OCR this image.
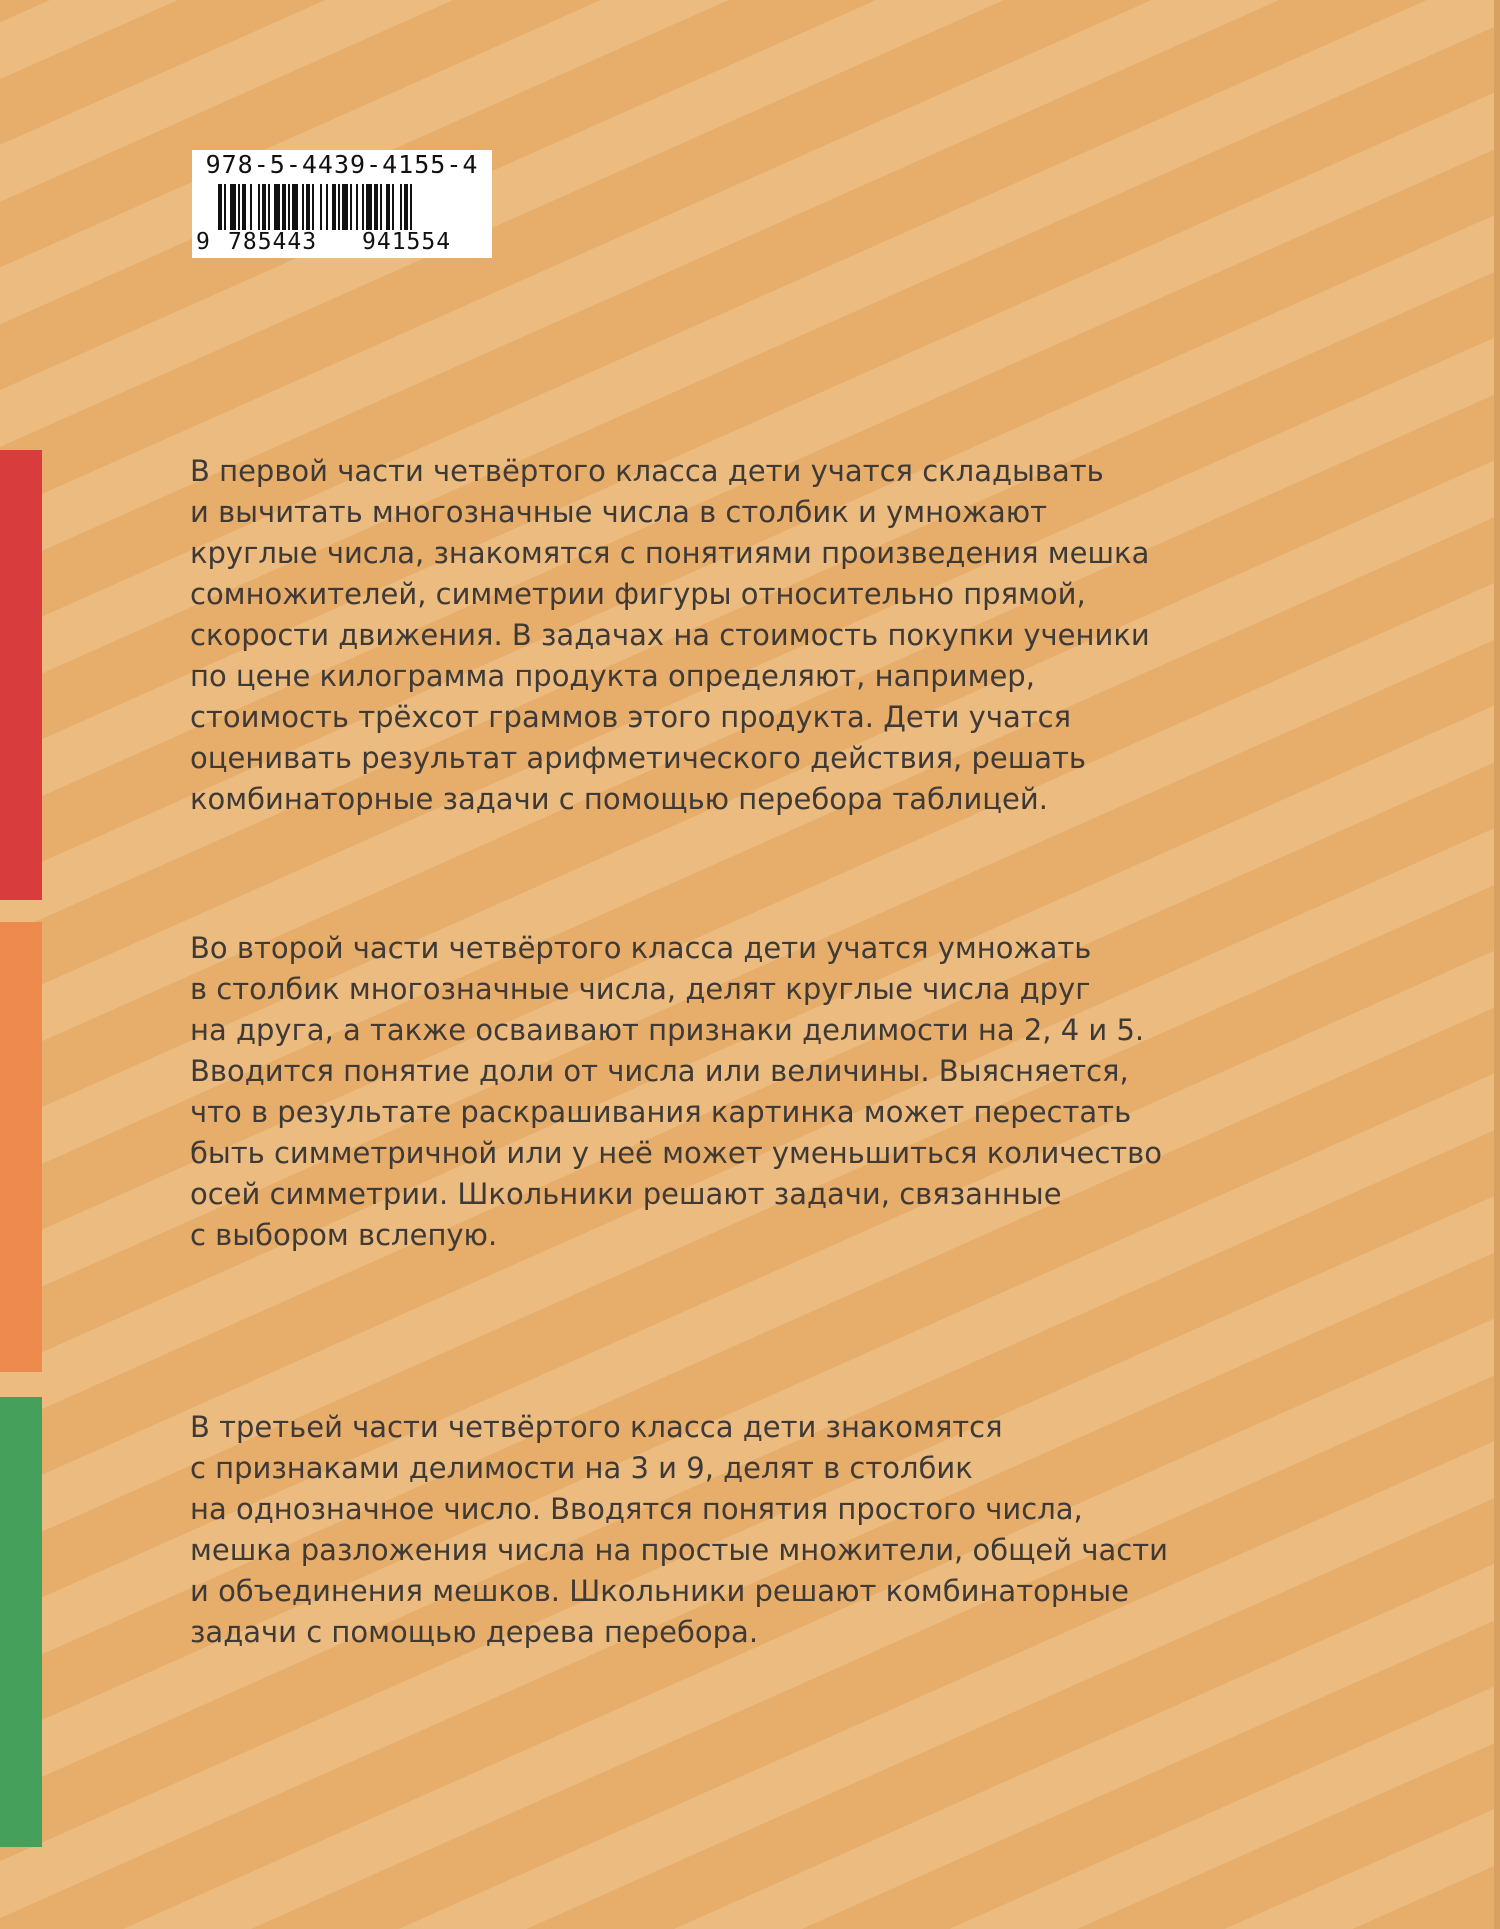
978-5-4439-4155-4
9 785443 941554
В первой части четвёртого класса дети учатся складывать
и вычитать многозначные числа в столбик и умножают
круглые числа, знакомятся с понятиями произведения мешка
сомножителей, симметрии фигуры относительно прямой,
скорости движения. В задачах на стоимость покупки ученики
по цене килограмма продукта определяют, например,
стоимость трёхсот граммов этого продукта. Дети учатся
оценивать результат арифметического действия, решать
комбинаторные задачи с помощью перебора таблицей.
Во второй части четвёртого класса дети учатся умножать
в столбик многозначные числа, делят круглые числа друг
на друга, а также осваивают признаки делимости на 2, 4 и 5.
Вводится понятие доли от числа или величины. Выясняется,
что в результате раскрашивания картинка может перестать
быть симметричной или у неё может уменьшиться количество
осей симметрии. Школьники решают задачи, связанные
с выбором вслепую.
В третьей части четвёртого класса дети знакомятся
с признаками делимости на 3 и 9, делят в столбик
на однозначное число. Вводятся понятия простого числа,
мешка разложения числа на простые множители, общей части
и объединения мешков. Школьники решают комбинаторные
задачи с помощью дерева перебора.
